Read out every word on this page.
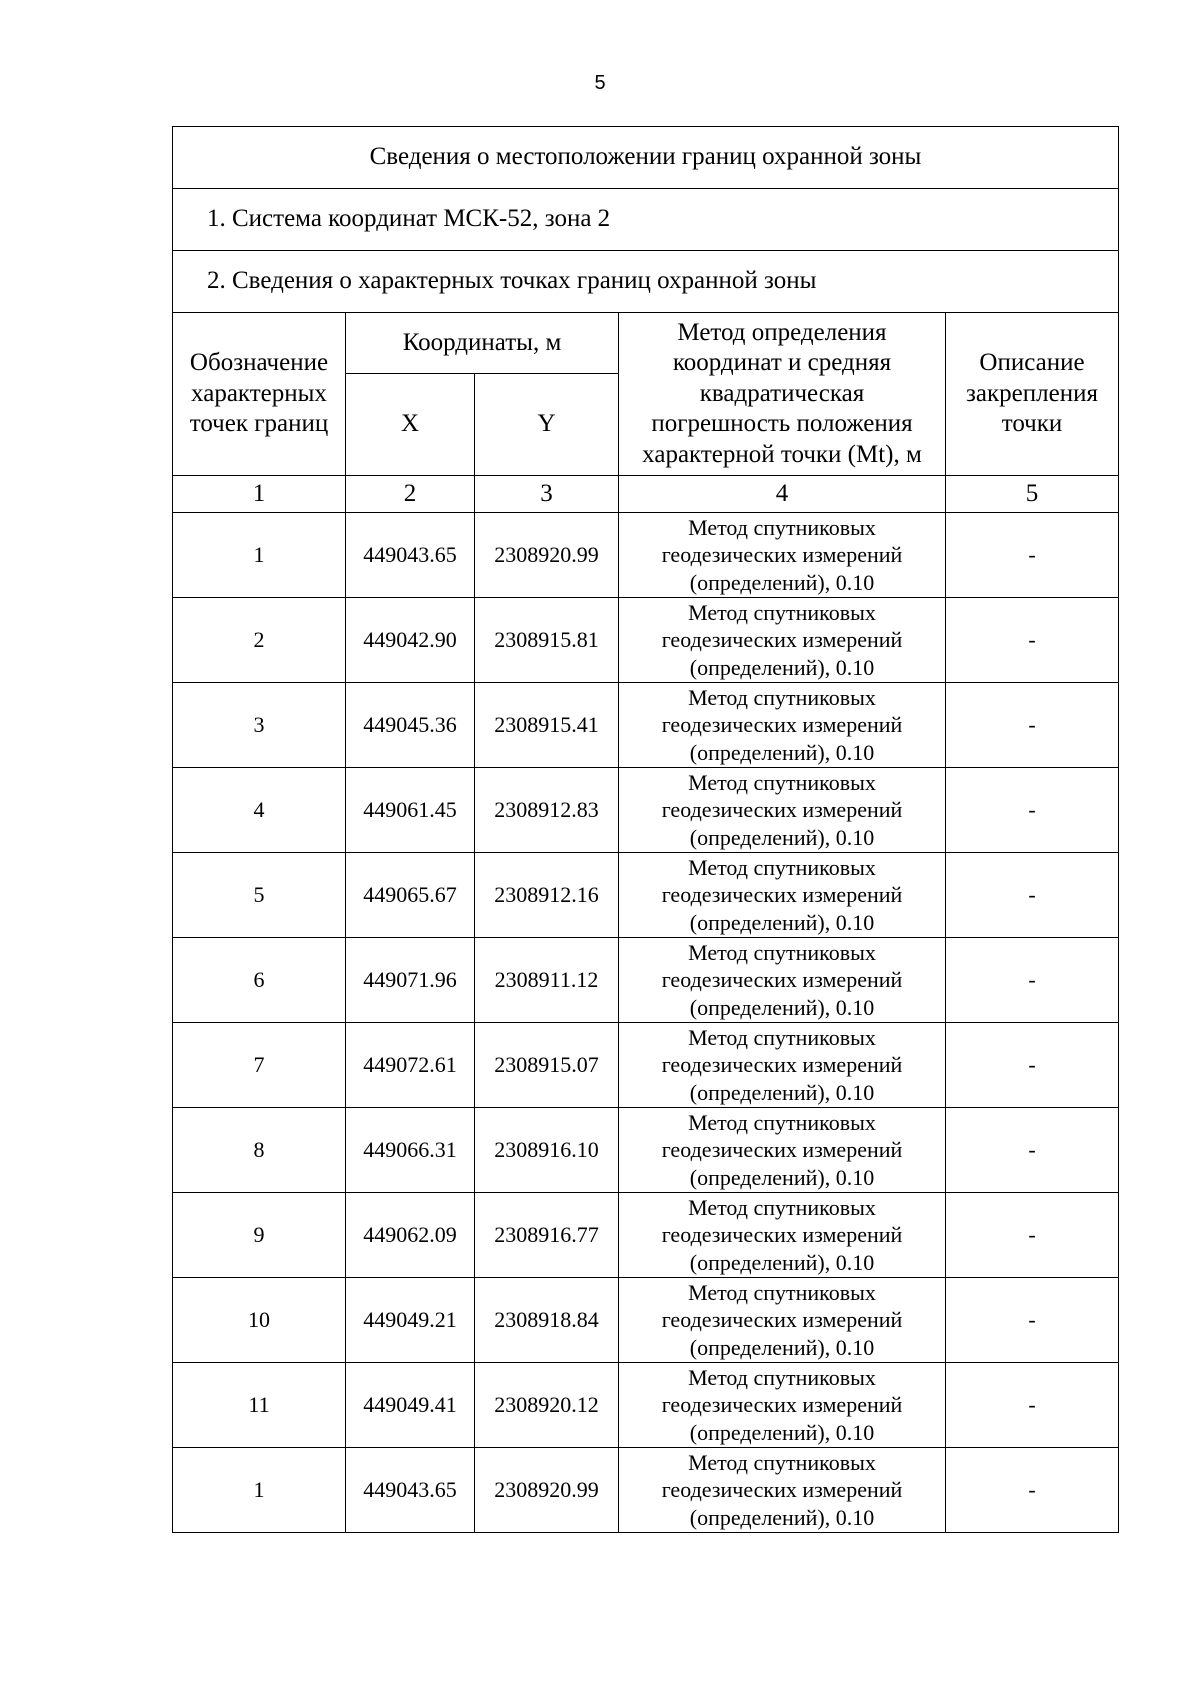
5
Сведения о местоположении границ охранной зоны				
1. Система координат МСК-52, зона 2				
2. Сведения о характерных точках границ охранной зоны				

Обозначение
характерных
точек границ	Координаты, м		Метод определения
координат и средняя
квадратическая
погрешность положения
характерной точки (Mt), м	Описание
закрепления
точки

	X	Y		
1	2	3	4	5
1	449043.65	2308920.99	Метод спутниковых
геодезических измерений
(определений), 0.10	-
2	449042.90	2308915.81	Метод спутниковых
геодезических измерений
(определений), 0.10	-
3	449045.36	2308915.41	Метод спутниковых
геодезических измерений
(определений), 0.10	-
4	449061.45	2308912.83	Метод спутниковых
геодезических измерений
(определений), 0.10	-
5	449065.67	2308912.16	Метод спутниковых
геодезических измерений
(определений), 0.10	-
6	449071.96	2308911.12	Метод спутниковых
геодезических измерений
(определений), 0.10	-
7	449072.61	2308915.07	Метод спутниковых
геодезических измерений
(определений), 0.10	-
8	449066.31	2308916.10	Метод спутниковых
геодезических измерений
(определений), 0.10	-
9	449062.09	2308916.77	Метод спутниковых
геодезических измерений
(определений), 0.10	-
10	449049.21	2308918.84	Метод спутниковых
геодезических измерений
(определений), 0.10	-
11	449049.41	2308920.12	Метод спутниковых
геодезических измерений
(определений), 0.10	-
1	449043.65	2308920.99	Метод спутниковых
геодезических измерений
(определений), 0.10	-
